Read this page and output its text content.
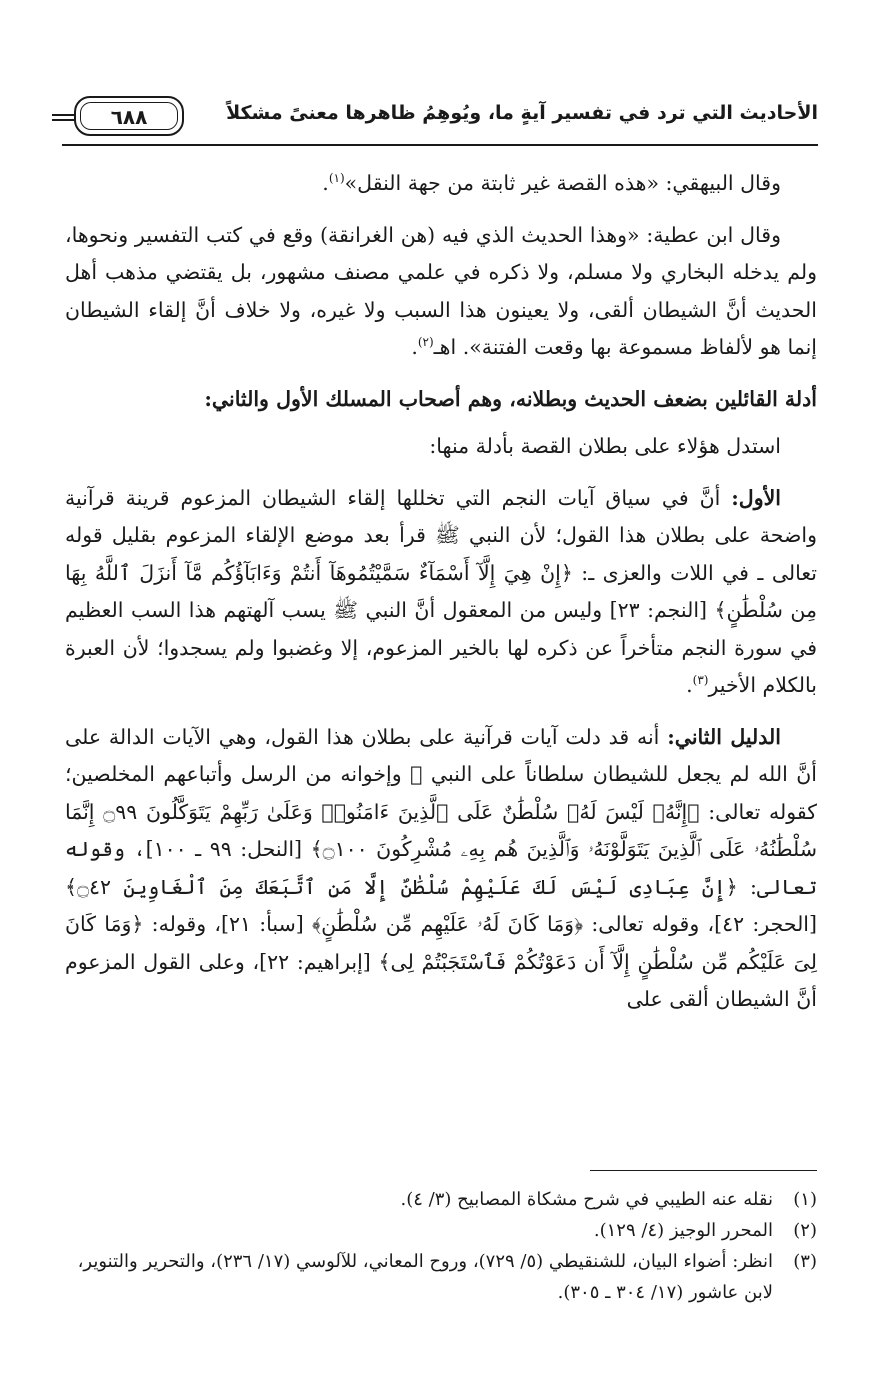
الأحاديث التي ترد في تفسير آيةٍ ما، ويُوهِمُ ظاهرها معنىً مشكلاً
٦٨٨

وقال البيهقي: «هذه القصة غير ثابتة من جهة النقل»$^{(١)}$.

وقال ابن عطية: «وهذا الحديث الذي فيه (هن الغرانقة) وقع في كتب التفسير ونحوها، ولم يدخله البخاري ولا مسلم، ولا ذكره في علمي مصنف مشهور، بل يقتضي مذهب أهل الحديث أنَّ الشيطان ألقى، ولا يعينون هذا السبب ولا غيره، ولا خلاف أنَّ إلقاء الشيطان إنما هو لألفاظ مسموعة بها وقعت الفتنة». اهـ$^{(٢)}$.

أدلة القائلين بضعف الحديث وبطلانه، وهم أصحاب المسلك الأول والثاني:

استدل هؤلاء على بطلان القصة بأدلة منها:

الأول: أنَّ في سياق آيات النجم التي تخللها إلقاء الشيطان المزعوم قرينة قرآنية واضحة على بطلان هذا القول؛ لأن النبي ﷺ قرأ بعد موضع الإلقاء المزعوم بقليل قوله تعالى ـ في اللات والعزى ـ: ﴿إِنْ هِيَ إِلَّآ أَسْمَآءٌ سَمَّيْتُمُوهَآ أَنتُمْ وَءَابَآؤُكُم مَّآ أَنزَلَ ٱللَّهُ بِهَا مِن سُلْطَٰنٍ﴾ [النجم: ٢٣] وليس من المعقول أنَّ النبي ﷺ يسب آلهتهم هذا السب العظيم في سورة النجم متأخراً عن ذكره لها بالخير المزعوم، إلا وغضبوا ولم يسجدوا؛ لأن العبرة بالكلام الأخير$^{(٣)}$.

الدليل الثاني: أنه قد دلت آيات قرآنية على بطلان هذا القول، وهي الآيات الدالة على أنَّ الله لم يجعل للشيطان سلطاناً على النبي ﷺ وإخوانه من الرسل وأتباعهم المخلصين؛ كقوله تعالى: ﴿إِنَّهُۥ لَيْسَ لَهُۥ سُلْطَٰنٌ عَلَى ٱلَّذِينَ ءَامَنُوا۟ وَعَلَىٰ رَبِّهِمْ يَتَوَكَّلُونَ ۝٩٩ إِنَّمَا سُلْطَٰنُهُۥ عَلَى ٱلَّذِينَ يَتَوَلَّوْنَهُۥ وَٱلَّذِينَ هُم بِهِۦ مُشْرِكُونَ ۝١٠٠﴾ [النحل: ٩٩ ـ ١٠٠]، وقوله تعالى: ﴿إِنَّ عِبَادِى لَيْسَ لَكَ عَلَيْهِمْ سُلْطَٰنٌ إِلَّا مَنِ ٱتَّبَعَكَ مِنَ ٱلْغَاوِينَ ۝٤٢﴾ [الحجر: ٤٢]، وقوله تعالى: ﴿وَمَا كَانَ لَهُۥ عَلَيْهِم مِّن سُلْطَٰنٍ﴾ [سبأ: ٢١]، وقوله: ﴿وَمَا كَانَ لِىَ عَلَيْكُم مِّن سُلْطَٰنٍ إِلَّآ أَن دَعَوْتُكُمْ فَٱسْتَجَبْتُمْ لِى﴾ [إبراهيم: ٢٢]، وعلى القول المزعوم أنَّ الشيطان ألقى على

(١)
نقله عنه الطيبي في شرح مشكاة المصابيح (٣/ ٤).
(٢)
المحرر الوجيز (٤/ ١٢٩).
(٣)
انظر: أضواء البيان، للشنقيطي (٥/ ٧٢٩)، وروح المعاني، للآلوسي (١٧/ ٢٣٦)، والتحرير والتنوير، لابن عاشور (١٧/ ٣٠٤ ـ ٣٠٥).
